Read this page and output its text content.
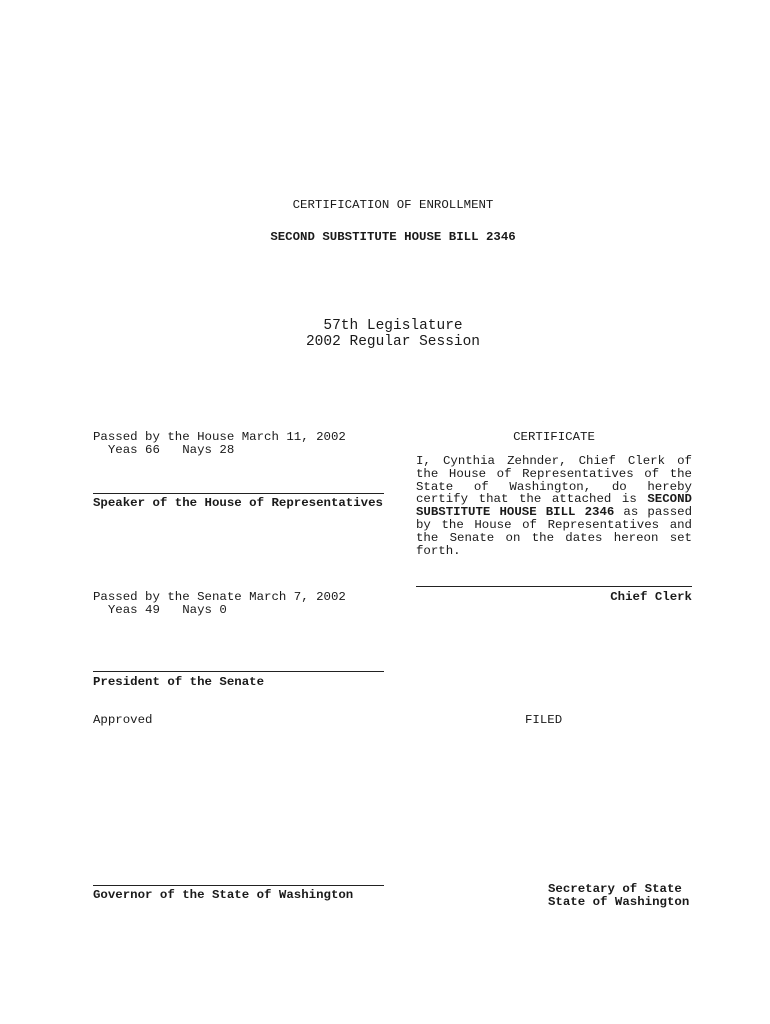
CERTIFICATION OF ENROLLMENT
SECOND SUBSTITUTE HOUSE BILL 2346
57th Legislature
2002 Regular Session
Passed by the House March 11, 2002
Yeas 66   Nays 28
Speaker of the House of Representatives
CERTIFICATE
I, Cynthia Zehnder, Chief Clerk of the House of Representatives of the State of Washington, do hereby certify that the attached is SECOND SUBSTITUTE HOUSE BILL 2346 as passed by the House of Representatives and the Senate on the dates hereon set forth.
Chief Clerk
Passed by the Senate March 7, 2002
Yeas 49   Nays 0
President of the Senate
Approved	FILED
Governor of the State of Washington	Secretary of State
State of Washington
